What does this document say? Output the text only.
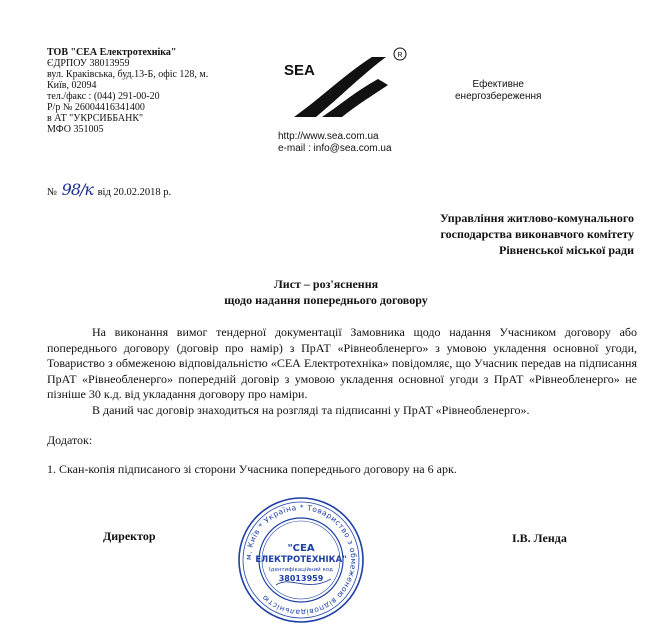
ТОВ "СЕА Електротехніка"
ЄДРПОУ 38013959
вул. Краківська, буд.13-Б, офіс 128, м.
Київ, 02094
тел./факс : (044) 291-00-20
Р/р № 26004416341400
в АТ "УКРСИББАНК"
МФО 351005
SEA
R
http://www.sea.com.ua
e-mail : info@sea.com.ua
Ефективне
енергозбереження
№ 98/к від 20.02.2018 р.
Управління житлово-комунального
господарства виконавчого комітету
Рівненської міської ради
Лист – роз'яснення
щодо надання попереднього договору

На виконання вимог тендерної документації Замовника щодо надання Учасником договору або попереднього договору (договір про намір) з ПрАТ «Рівнеобленерго» з умовою укладення основної угоди, Товариство з обмеженою відповідальністю «СЕА Електротехніка» повідомляє, що Учасник передав на підписання ПрАТ «Рівнеобленерго» попередній договір з умовою укладення основної угоди з ПрАТ «Рівнеобленерго» не пізніше 30 к.д. від укладання договору про наміри.

В даний час договір знаходиться на розгляді та підписанні у ПрАТ «Рівнеобленерго».

Додаток:
1. Скан-копія підписаного зі сторони Учасника попереднього договору на 6 арк.
Директор	І.В. Ленда
м. Київ * Україна * Товариство з обмеженою відповідальністю
"СЕА
ЕЛЕКТРОТЕХНІКА"
Ідентифікаційний код
38013959
